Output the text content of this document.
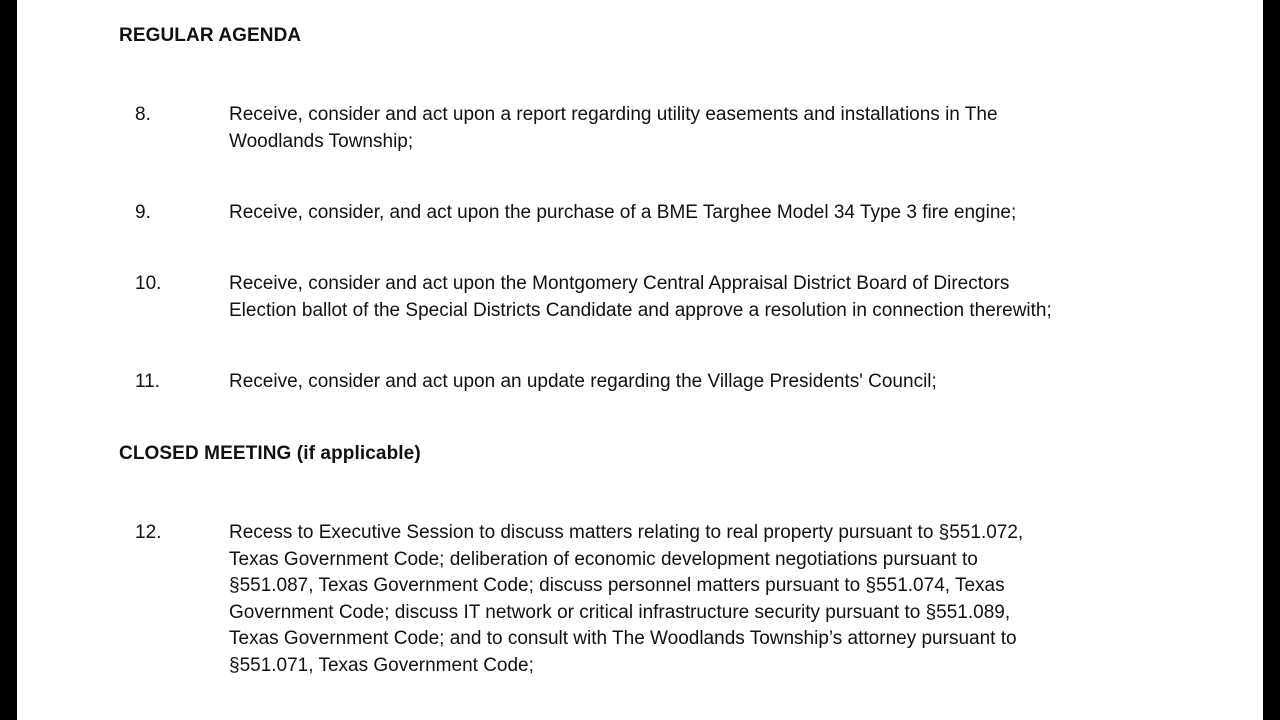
REGULAR AGENDA
8.	Receive, consider and act upon a report regarding utility easements and installations in The
Woodlands Township;
9.	Receive, consider, and act upon the purchase of a BME Targhee Model 34 Type 3 fire engine;
10.	Receive, consider and act upon the Montgomery Central Appraisal District Board of Directors
Election ballot of the Special Districts Candidate and approve a resolution in connection therewith;
11.	Receive, consider and act upon an update regarding the Village Presidents' Council;
CLOSED MEETING (if applicable)
12.	Recess to Executive Session to discuss matters relating to real property pursuant to §551.072,
Texas Government Code; deliberation of economic development negotiations pursuant to
§551.087, Texas Government Code; discuss personnel matters pursuant to §551.074, Texas
Government Code; discuss IT network or critical infrastructure security pursuant to §551.089,
Texas Government Code; and to consult with The Woodlands Township’s attorney pursuant to
§551.071, Texas Government Code;
